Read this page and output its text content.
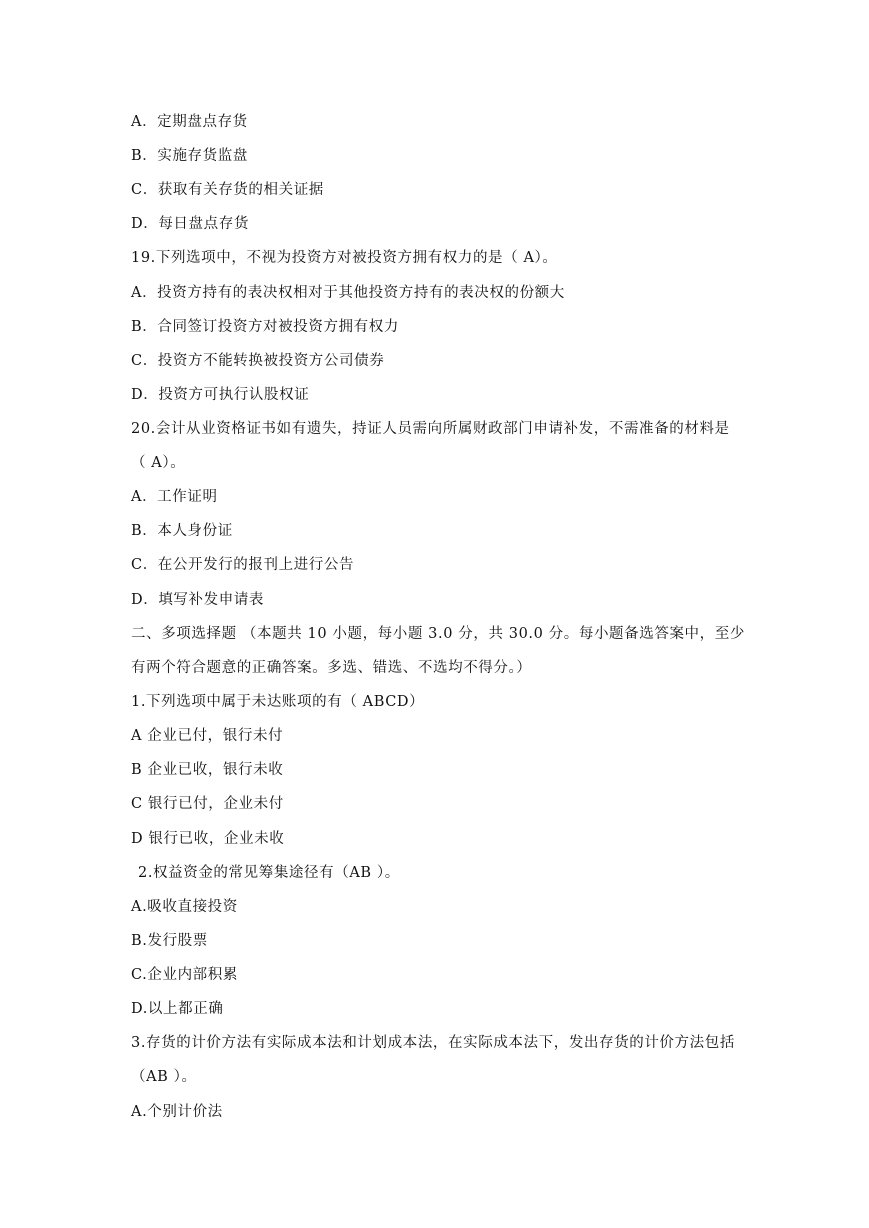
A．定期盘点存货
B．实施存货监盘
C．获取有关存货的相关证据
D．每日盘点存货
19.下列选项中，不视为投资方对被投资方拥有权力的是（ A）。
A．投资方持有的表决权相对于其他投资方持有的表决权的份额大
B．合同签订投资方对被投资方拥有权力
C．投资方不能转换被投资方公司债券
D．投资方可执行认股权证
20.会计从业资格证书如有遗失，持证人员需向所属财政部门申请补发，不需准备的材料是
（ A）。
A．工作证明
B．本人身份证
C．在公开发行的报刊上进行公告
D．填写补发申请表
二、多项选择题 （本题共 10 小题，每小题 3.0 分，共 30.0 分。每小题备选答案中，至少
有两个符合题意的正确答案。多选、错选、不选均不得分。）
1.下列选项中属于未达账项的有（ ABCD）
A 企业已付，银行未付
B 企业已收，银行未收
C 银行已付，企业未付
D 银行已收，企业未收
2.权益资金的常见筹集途径有（AB ）。
A.吸收直接投资
B.发行股票
C.企业内部积累
D.以上都正确
3.存货的计价方法有实际成本法和计划成本法，在实际成本法下，发出存货的计价方法包括
（AB ）。
A.个别计价法
